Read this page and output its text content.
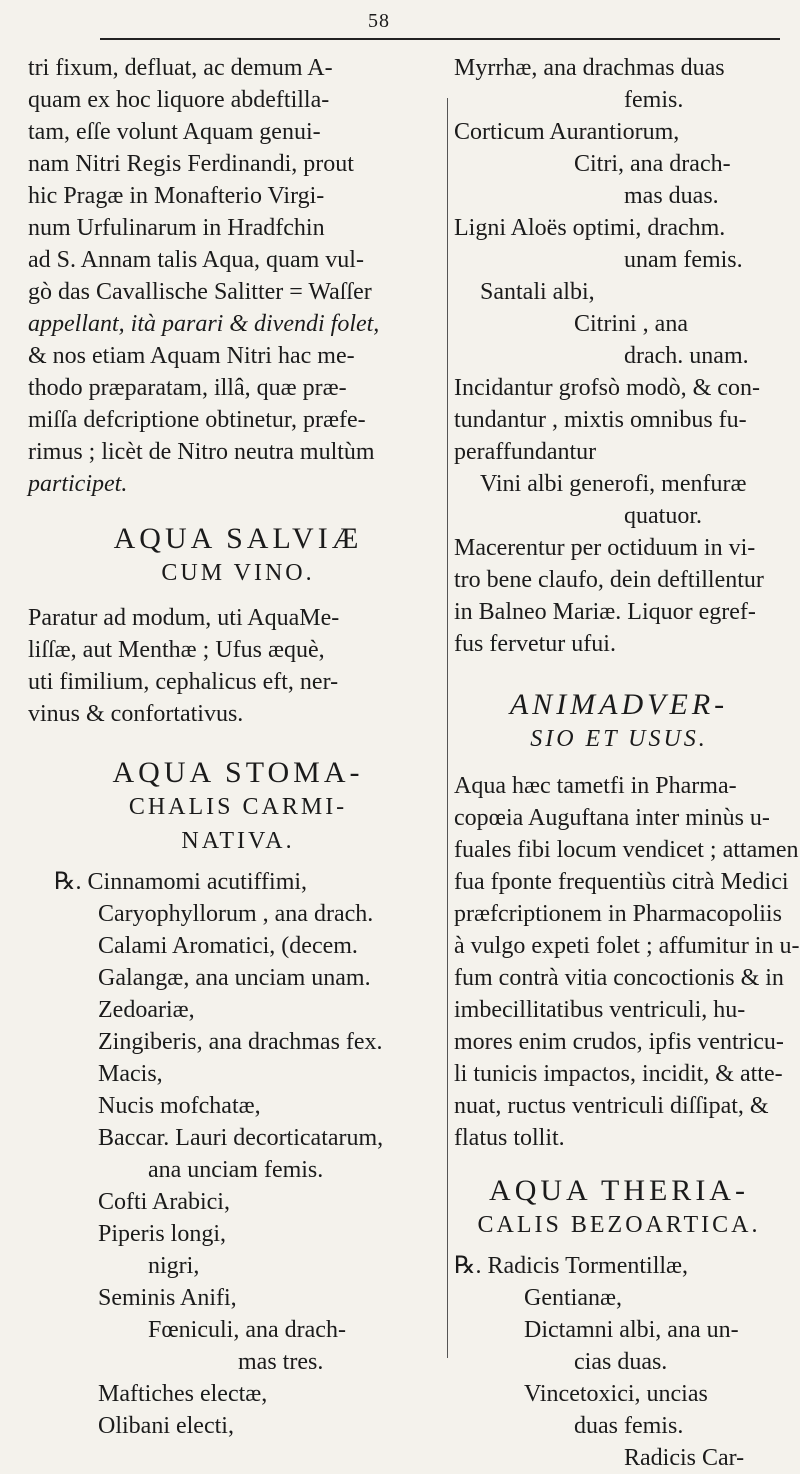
58
tri fixum, defluat, ac demum A-
quam ex hoc liquore abdeftilla-
tam, eſſe volunt Aquam genui-
nam Nitri Regis Ferdinandi, prout
hic Pragæ in Monafterio Virgi-
num Urfulinarum in Hradfchin
ad S. Annam talis Aqua, quam vul-
gò das Cavallische Salitter = Waſſer
appellant, ità parari & divendi folet,
& nos etiam Aquam Nitri hac me-
thodo præparatam, illâ, quæ præ-
miſſa defcriptione obtinetur, præfe-
rimus ; licèt de Nitro neutra multùm
participet.

AQUA SALVIÆ

CUM VINO.

Paratur ad modum, uti AquaMe-
liſſæ, aut Menthæ ; Ufus æquè,
uti fimilium, cephalicus eft, ner-
vinus & confortativus.

AQUA STOMA-

CHALIS CARMI-

NATIVA.

℞. Cinnamomi acutiffimi,
Caryophyllorum , ana drach.
Calami Aromatici, (decem.
Galangæ, ana unciam unam.
Zedoariæ,
Zingiberis, ana drachmas fex.
Macis,
Nucis mofchatæ,
Baccar. Lauri decorticatarum,
ana unciam femis.
Cofti Arabici,
Piperis longi,
nigri,
Seminis Anifi,
Fœniculi, ana drach-
mas tres.
Maftiches electæ,
Olibani electi,
Myrrhæ, ana drachmas duas
femis.
Corticum Aurantiorum,
Citri, ana drach-
mas duas.
Ligni Aloës optimi, drachm.
unam femis.
Santali albi,
Citrini , ana
drach. unam.
Incidantur grofsò modò, & con-
tundantur , mixtis omnibus fu-
peraffundantur
Vini albi generofi, menfuræ
quatuor.
Macerentur per octiduum in vi-
tro bene claufo, dein deftillentur
in Balneo Mariæ. Liquor egref-
fus fervetur ufui.

ANIMADVER-

SIO ET USUS.

Aqua hæc tametfi in Pharma-
copœia Auguftana inter minùs u-
fuales fibi locum vendicet ; attamen
fua fponte frequentiùs citrà Medici
præfcriptionem in Pharmacopoliis
à vulgo expeti folet ; affumitur in u-
fum contrà vitia concoctionis & in
imbecillitatibus ventriculi, hu-
mores enim crudos, ipfis ventricu-
li tunicis impactos, incidit, & atte-
nuat, ructus ventriculi diſſipat, &
flatus tollit.

AQUA THERIA-

CALIS BEZOARTICA.

℞. Radicis Tormentillæ,
Gentianæ,
Dictamni albi, ana un-
cias duas.
Vincetoxici, uncias
duas femis.
Radicis Car-
